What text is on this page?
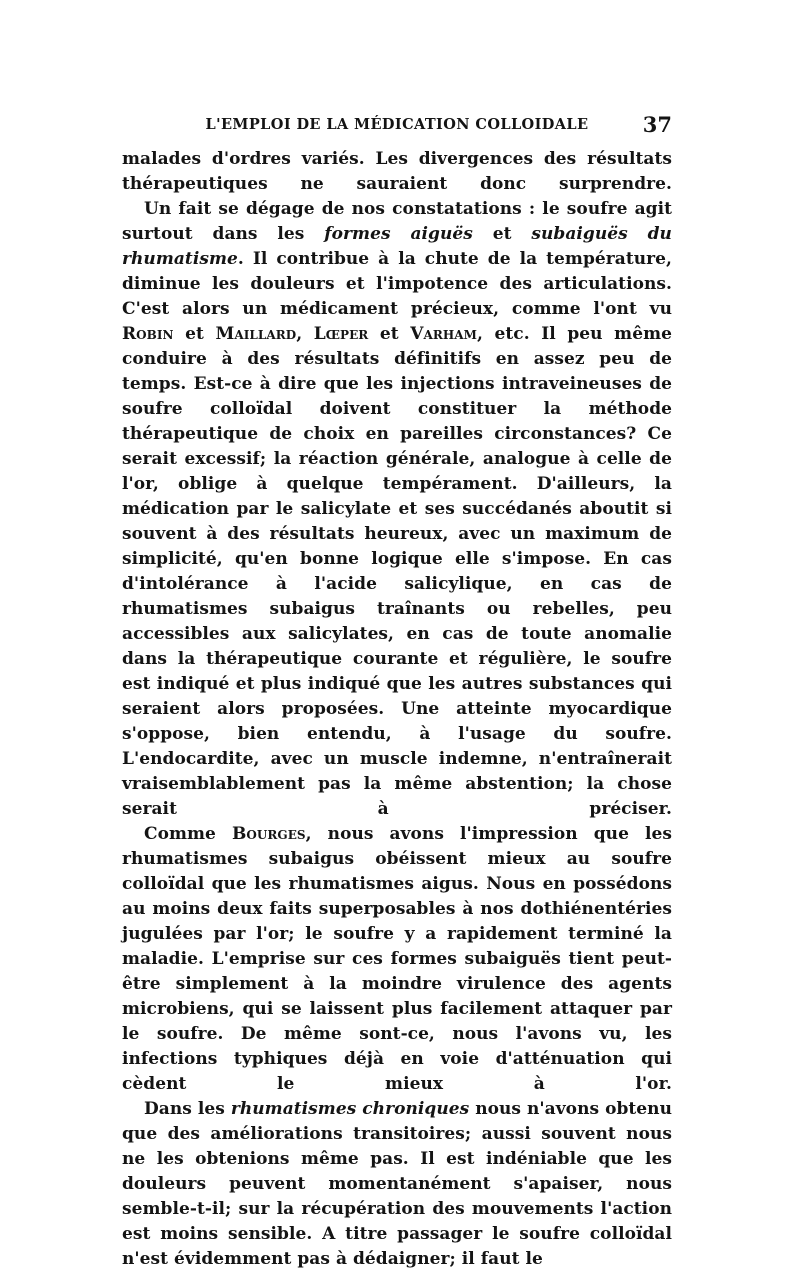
L'EMPLOI DE LA MÉDICATION COLLOIDALE	37

malades d'ordres variés. Les divergences des résultats thérapeutiques ne sauraient donc surprendre.

Un fait se dégage de nos constatations : le soufre agit surtout dans les formes aiguës et subaiguës du rhumatisme. Il contribue à la chute de la température, diminue les douleurs et l'impotence des articulations. C'est alors un médicament précieux, comme l'ont vu Robin et Maillard, Lœper et Varham, etc. Il peu même conduire à des résultats définitifs en assez peu de temps. Est-ce à dire que les injections intraveineuses de soufre colloïdal doivent constituer la méthode thérapeutique de choix en pareilles circonstances? Ce serait excessif; la réaction générale, analogue à celle de l'or, oblige à quelque tempérament. D'ailleurs, la médication par le salicylate et ses succédanés aboutit si souvent à des résultats heureux, avec un maximum de simplicité, qu'en bonne logique elle s'impose. En cas d'intolérance à l'acide salicylique, en cas de rhumatismes subaigus traînants ou rebelles, peu accessibles aux salicylates, en cas de toute anomalie dans la thérapeutique courante et régulière, le soufre est indiqué et plus indiqué que les autres substances qui seraient alors proposées. Une atteinte myocardique s'oppose, bien entendu, à l'usage du soufre. L'endocardite, avec un muscle indemne, n'entraînerait vraisemblablement pas la même abstention; la chose serait à préciser.

Comme Bourges, nous avons l'impression que les rhumatismes subaigus obéissent mieux au soufre colloïdal que les rhumatismes aigus. Nous en possédons au moins deux faits superposables à nos dothiénentéries jugulées par l'or; le soufre y a rapidement terminé la maladie. L'emprise sur ces formes subaiguës tient peut-être simplement à la moindre virulence des agents microbiens, qui se laissent plus facilement attaquer par le soufre. De même sont-ce, nous l'avons vu, les infections typhiques déjà en voie d'atténuation qui cèdent le mieux à l'or.

Dans les rhumatismes chroniques nous n'avons obtenu que des améliorations transitoires; aussi souvent nous ne les obtenions même pas. Il est indéniable que les douleurs peuvent momentanément s'apaiser, nous semble-t-il; sur la récupération des mouvements l'action est moins sensible. A titre passager le soufre colloïdal n'est évidemment pas à dédaigner; il faut le
